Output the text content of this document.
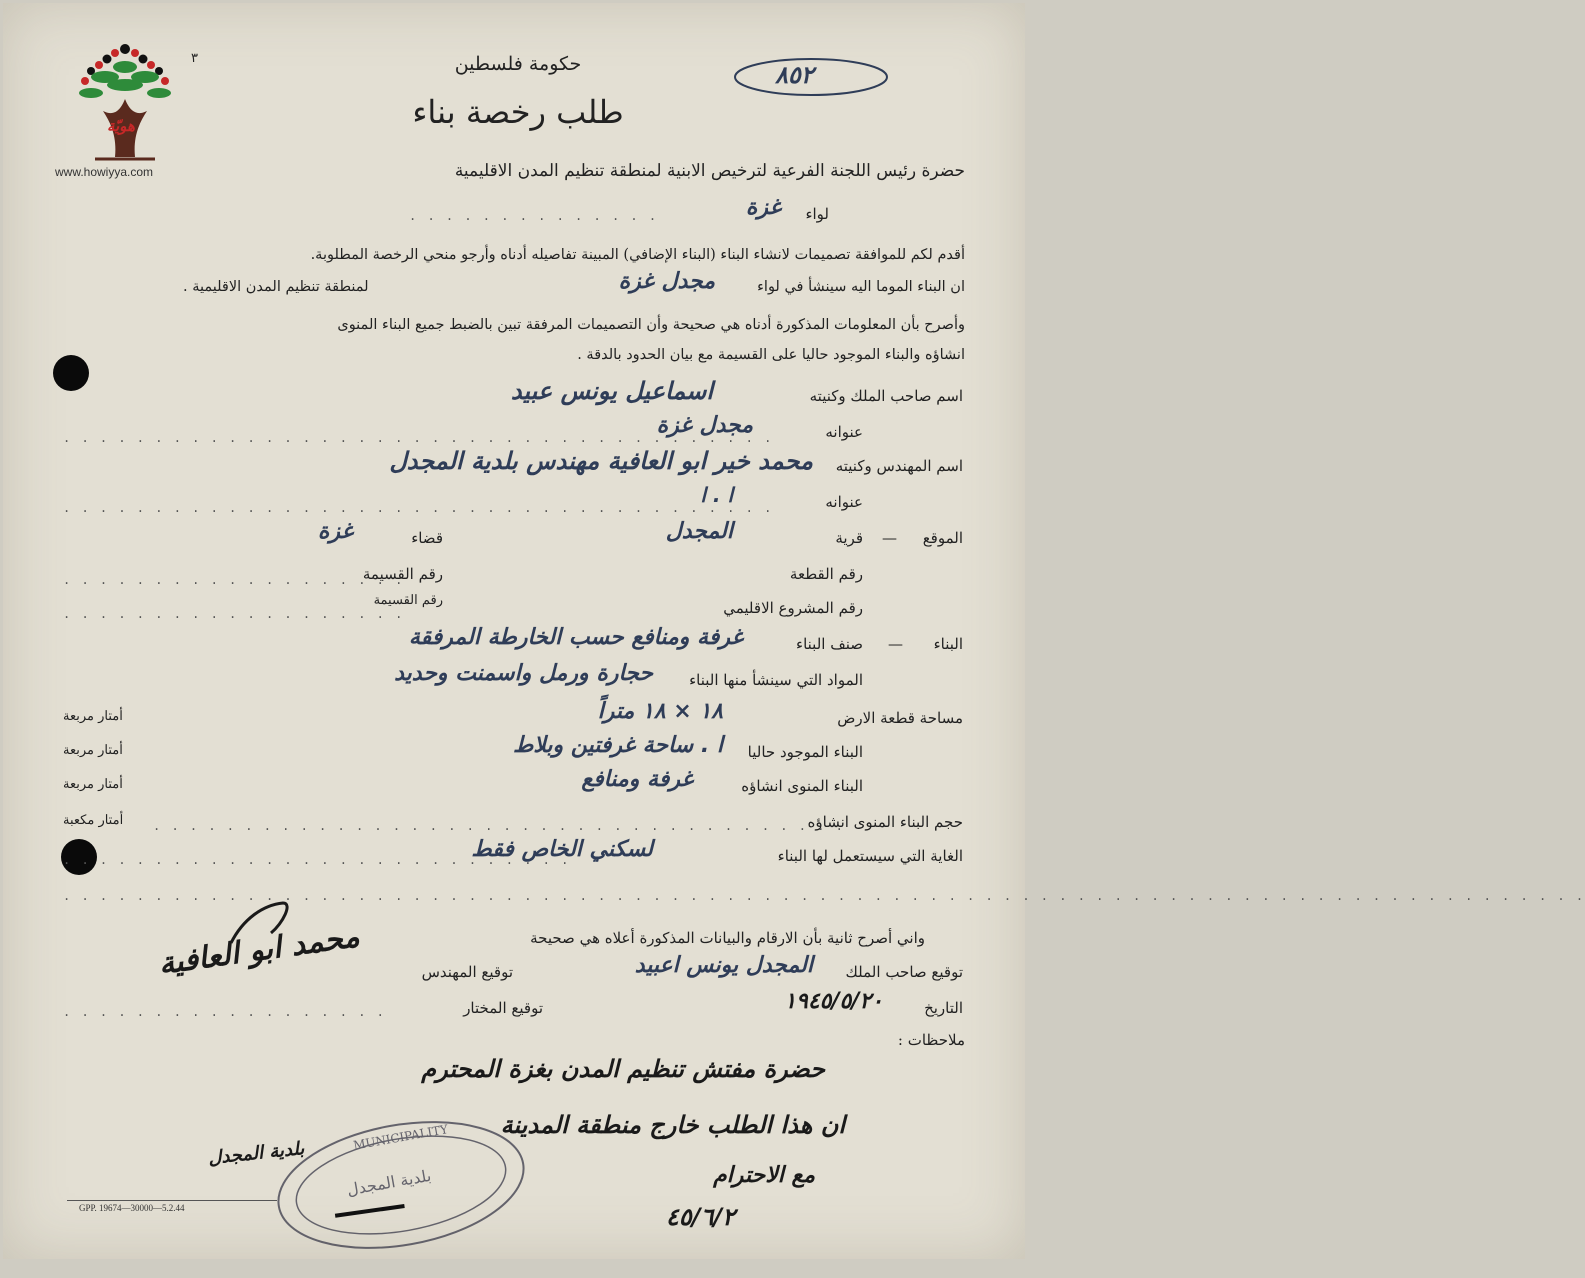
هويّة
www.howiyya.com
٣
٨٥٢
حكومة فلسطين
طلب رخصة بناء
حضرة رئيس اللجنة الفرعية لترخيص الابنية لمنطقة تنظيم المدن الاقليمية
لواء
غزة
. . . . . . . . . . . . . .
أقدم لكم للموافقة تصميمات لانشاء البناء (البناء الإضافي) المبينة تفاصيله أدناه وأرجو منحي الرخصة المطلوبة.
ان البناء الموما اليه سينشأ في لواء
مجدل غزة
لمنطقة تنظيم المدن الاقليمية .
وأصرح بأن المعلومات المذكورة أدناه هي صحيحة وأن التصميمات المرفقة تبين بالضبط جميع البناء المنوى
انشاؤه والبناء الموجود حاليا على القسيمة مع بيان الحدود بالدقة .
اسم صاحب الملك وكنيته
اسماعيل يونس عبيد
عنوانه
مجدل غزة
. . . . . . . . . . . . . . . . . . . . . . . . . . . . . . . . . . . . . . .
اسم المهندس وكنيته
محمد خير ابو العافية مهندس بلدية المجدل
عنوانه
ا . ا
. . . . . . . . . . . . . . . . . . . . . . . . . . . . . . . . . . . . . . .
الموقع
—
قرية
المجدل
قضاء
غزة
رقم القطعة
رقم القسيمة
. . . . . . . . . . . . . . . . . . .
رقم المشروع الاقليمي
رقم القسيمة
. . . . . . . . . . . . . . . . . . .
البناء
—
صنف البناء
غرفة ومنافع حسب الخارطة المرفقة
المواد التي سينشأ منها البناء
حجارة ورمل واسمنت وحديد
مساحة قطعة الارض
١٨ × ١٨ متراً
أمتار مربعة
البناء الموجود حاليا
ا . ساحة غرفتين وبلاط
أمتار مربعة
البناء المنوى انشاؤه
غرفة ومنافع
أمتار مربعة
حجم البناء المنوى انشاؤه
. . . . . . . . . . . . . . . . . . . . . . . . . . . . . . . . . . . . . .
أمتار مكعبة
الغاية التي سيستعمل لها البناء
لسكني الخاص فقط
. . . . . . . . . . . . . . . . . . . . . . . . . . . .
. . . . . . . . . . . . . . . . . . . . . . . . . . . . . . . . . . . . . . . . . . . . . . . . . . . . . . . . . . . . . . . . . . . . . . . . . . . . . . . . . . .
واني أصرح ثانية بأن الارقام والبيانات المذكورة أعلاه هي صحيحة
توقيع صاحب الملك
المجدل يونس اعبيد
توقيع المهندس
التاريخ
١٩٤٥/٥/٢٠
توقيع المختار
. . . . . . . . . . . . . . . . . .
محمد ابو العافية
ملاحظات :
حضرة مفتش تنظيم المدن بغزة المحترم
ان هذا الطلب خارج منطقة المدينة
مع الاحترام
٤٥/٦/٢
MUNICIPALITY
بلدية المجدل
بلدية المجدل
GPP. 19674—30000—5.2.44
